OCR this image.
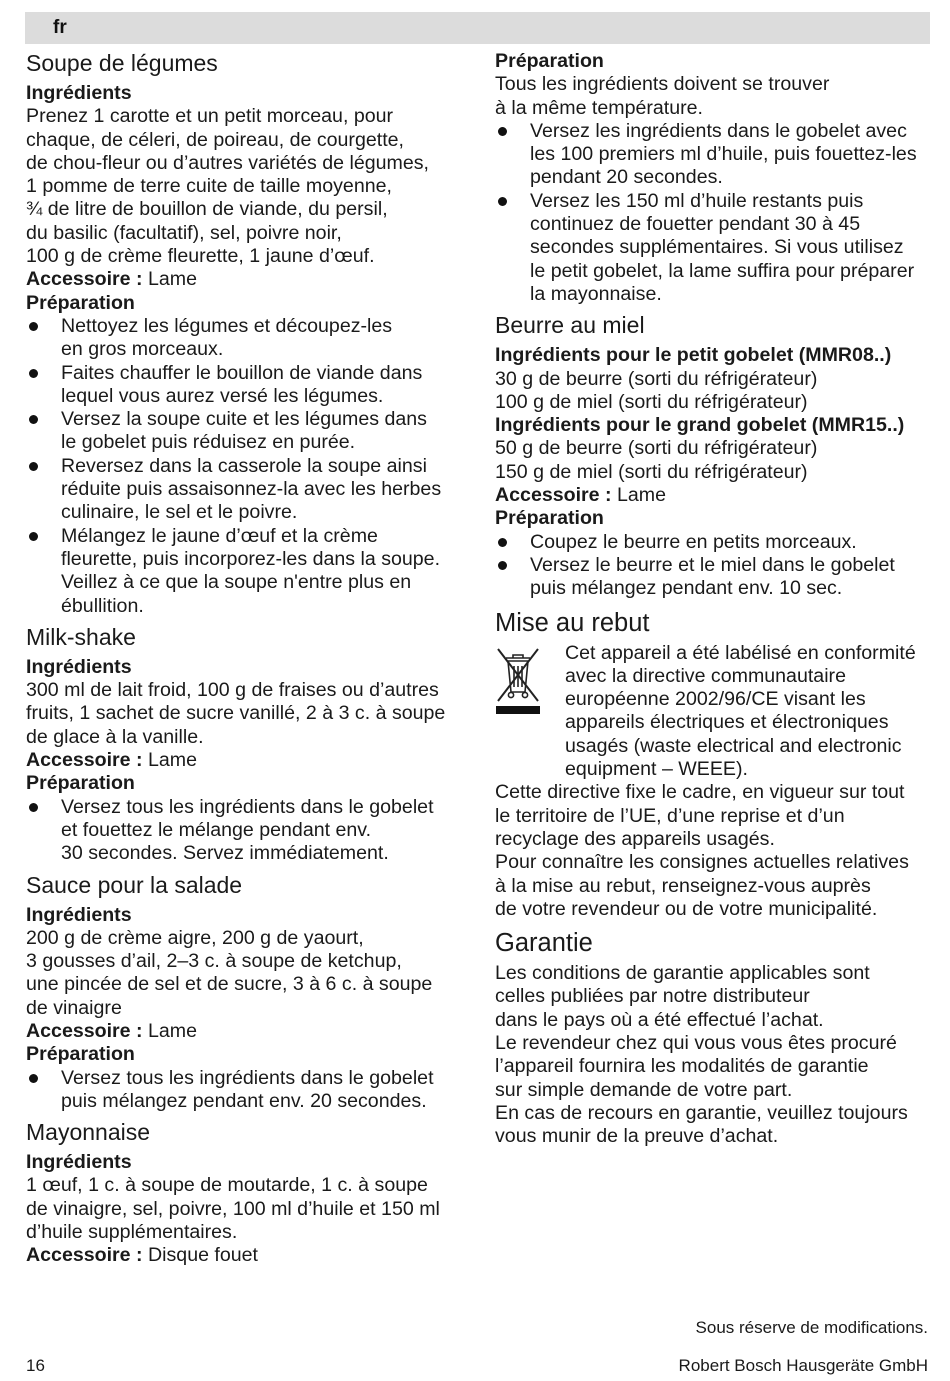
fr
Soupe de légumes
Ingrédients
Prenez 1 carotte et un petit morceau, pour
chaque, de céleri, de poireau, de courgette,
de chou-fleur ou d’autres variétés de légumes,
1 pomme de terre cuite de taille moyenne,
¾ de litre de bouillon de viande, du persil,
du basilic (facultatif), sel, poivre noir,
100 g de crème fleurette, 1 jaune d’œuf.
Accessoire : Lame
Préparation
Nettoyez les légumes et découpez-les
en gros morceaux.
Faites chauffer le bouillon de viande dans
lequel vous aurez versé les légumes.
Versez la soupe cuite et les légumes dans
le gobelet puis réduisez en purée.
Reversez dans la casserole la soupe ainsi
réduite puis assaisonnez-la avec les herbes
culinaire, le sel et le poivre.
Mélangez le jaune d’œuf et la crème
fleurette, puis incorporez-les dans la soupe.
Veillez à ce que la soupe n'entre plus en
ébullition.
Milk-shake
Ingrédients
300 ml de lait froid, 100 g de fraises ou d’autres
fruits, 1 sachet de sucre vanillé, 2 à 3 c. à soupe
de glace à la vanille.
Accessoire : Lame
Préparation
Versez tous les ingrédients dans le gobelet
et fouettez le mélange pendant env.
30 secondes. Servez immédiatement.
Sauce pour la salade
Ingrédients
200 g de crème aigre, 200 g de yaourt,
3 gousses d’ail, 2–3 c. à soupe de ketchup,
une pincée de sel et de sucre, 3 à 6 c. à soupe
de vinaigre
Accessoire : Lame
Préparation
Versez tous les ingrédients dans le gobelet
puis mélangez pendant env. 20 secondes.
Mayonnaise
Ingrédients
1 œuf, 1 c. à soupe de moutarde, 1 c. à soupe
de vinaigre, sel, poivre, 100 ml d’huile et 150 ml
d’huile supplémentaires.
Accessoire : Disque fouet
Préparation
Tous les ingrédients doivent se trouver
à la même température.
Versez les ingrédients dans le gobelet avec
les 100 premiers ml d’huile, puis fouettez-les
pendant 20 secondes.
Versez les 150 ml d’huile restants puis
continuez de fouetter pendant 30 à 45
secondes supplémentaires. Si vous utilisez
le petit gobelet, la lame suffira pour préparer
la mayonnaise.
Beurre au miel
Ingrédients pour le petit gobelet (MMR08..)
30 g de beurre (sorti du réfrigérateur)
100 g de miel (sorti du réfrigérateur)
Ingrédients pour le grand gobelet (MMR15..)
50 g de beurre (sorti du réfrigérateur)
150 g de miel (sorti du réfrigérateur)
Accessoire : Lame
Préparation
Coupez le beurre en petits morceaux.
Versez le beurre et le miel dans le gobelet
puis mélangez pendant env. 10 sec.
Mise au rebut
Cet appareil a été labélisé en conformité
avec la directive communautaire
européenne 2002/96/CE visant les
appareils électriques et électroniques
usagés (waste electrical and electronic
equipment – WEEE).
Cette directive fixe le cadre, en vigueur sur tout
le territoire de l’UE, d’une reprise et d’un
recyclage des appareils usagés.
Pour connaître les consignes actuelles relatives
à la mise au rebut, renseignez-vous auprès
de votre revendeur ou de votre municipalité.
Garantie
Les conditions de garantie applicables sont
celles publiées par notre distributeur
dans le pays où a été effectué l’achat.
Le revendeur chez qui vous vous êtes procuré
l’appareil fournira les modalités de garantie
sur simple demande de votre part.
En cas de recours en garantie, veuillez toujours
vous munir de la preuve d’achat.
Sous réserve de modifications.
16	Robert Bosch Hausgeräte GmbH
